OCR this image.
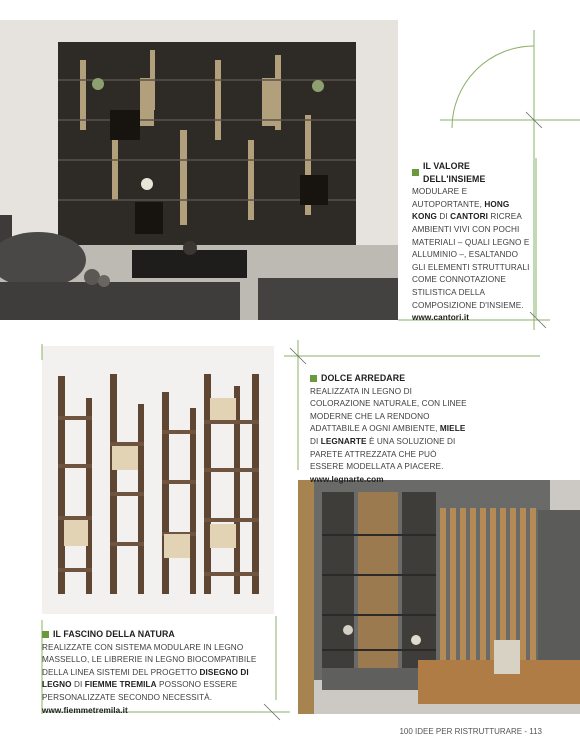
IL VALORE DELL'INSIEME
MODULARE E AUTOPORTANTE, HONG KONG DI CANTORI RICREA AMBIENTI VIVI CON POCHI MATERIALI – QUALI LEGNO E ALLUMINIO –, ESALTANDO GLI ELEMENTI STRUTTURALI COME CONNOTAZIONE STILISTICA DELLA COMPOSIZIONE D'INSIEME.
www.cantori.it
DOLCE ARREDARE
REALIZZATA IN LEGNO DI COLORAZIONE NATURALE, CON LINEE MODERNE CHE LA RENDONO ADATTABILE A OGNI AMBIENTE, MIELE DI LEGNARTE È UNA SOLUZIONE DI PARETE ATTREZZATA CHE PUÒ ESSERE MODELLATA A PIACERE.
www.legnarte.com
IL FASCINO DELLA NATURA
REALIZZATE CON SISTEMA MODULARE IN LEGNO MASSELLO, LE LIBRERIE IN LEGNO BIOCOMPATIBILE DELLA LINEA SISTEMI DEL PROGETTO DISEGNO DI LEGNO DI FIEMME TREMILA POSSONO ESSERE PERSONALIZZATE SECONDO NECESSITÀ.
www.fiemmetremila.it
100 IDEE PER RISTRUTTURARE - 113
